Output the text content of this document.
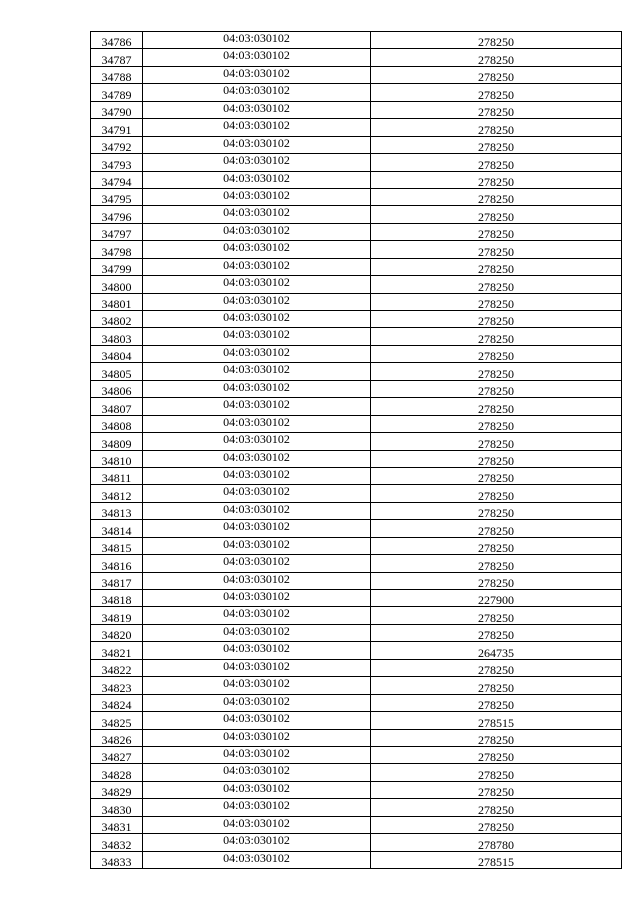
34786	04:03:030102	278250
34787	04:03:030102	278250
34788	04:03:030102	278250
34789	04:03:030102	278250
34790	04:03:030102	278250
34791	04:03:030102	278250
34792	04:03:030102	278250
34793	04:03:030102	278250
34794	04:03:030102	278250
34795	04:03:030102	278250
34796	04:03:030102	278250
34797	04:03:030102	278250
34798	04:03:030102	278250
34799	04:03:030102	278250
34800	04:03:030102	278250
34801	04:03:030102	278250
34802	04:03:030102	278250
34803	04:03:030102	278250
34804	04:03:030102	278250
34805	04:03:030102	278250
34806	04:03:030102	278250
34807	04:03:030102	278250
34808	04:03:030102	278250
34809	04:03:030102	278250
34810	04:03:030102	278250
34811	04:03:030102	278250
34812	04:03:030102	278250
34813	04:03:030102	278250
34814	04:03:030102	278250
34815	04:03:030102	278250
34816	04:03:030102	278250
34817	04:03:030102	278250
34818	04:03:030102	227900
34819	04:03:030102	278250
34820	04:03:030102	278250
34821	04:03:030102	264735
34822	04:03:030102	278250
34823	04:03:030102	278250
34824	04:03:030102	278250
34825	04:03:030102	278515
34826	04:03:030102	278250
34827	04:03:030102	278250
34828	04:03:030102	278250
34829	04:03:030102	278250
34830	04:03:030102	278250
34831	04:03:030102	278250
34832	04:03:030102	278780
34833	04:03:030102	278515
